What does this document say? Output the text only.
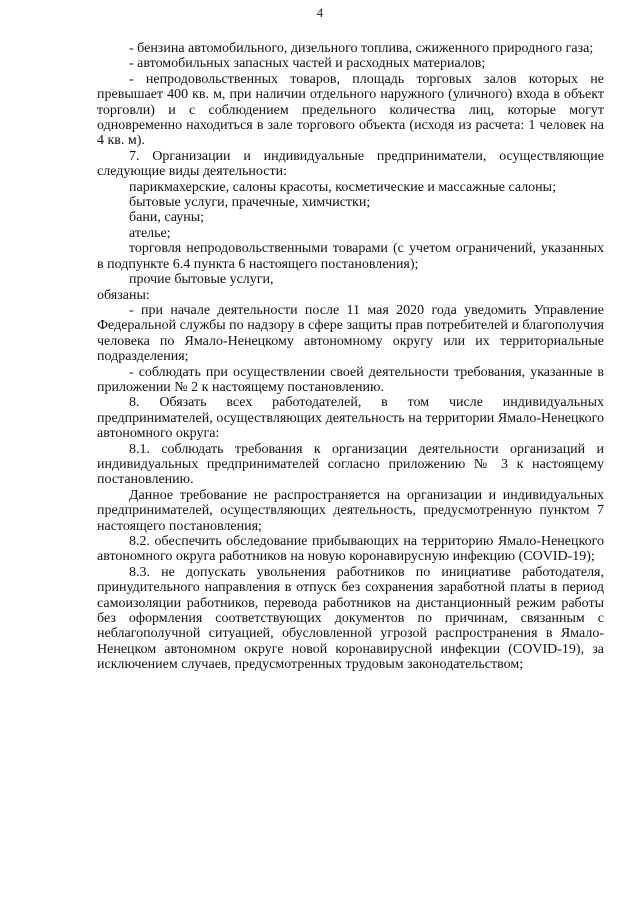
4

- бензина автомобильного, дизельного топлива, сжиженного природного газа;

- автомобильных запасных частей и расходных материалов;

- непродовольственных товаров, площадь торговых залов которых не превышает 400 кв. м, при наличии отдельного наружного (уличного) входа в объект торговли) и с соблюдением предельного количества лиц, которые могут одновременно находиться в зале торгового объекта (исходя из расчета: 1 человек на 4 кв. м).

7. Организации и индивидуальные предприниматели, осуществляющие следующие виды деятельности:

парикмахерские, салоны красоты, косметические и массажные салоны;

бытовые услуги, прачечные, химчистки;

бани, сауны;

ателье;

торговля непродовольственными товарами (с учетом ограничений, указанных в подпункте 6.4 пункта 6 настоящего постановления);

прочие бытовые услуги,

обязаны:

- при начале деятельности после 11 мая 2020 года уведомить Управление Федеральной службы по надзору в сфере защиты прав потребителей и благополучия человека по Ямало-Ненецкому автономному округу или их территориальные подразделения;

- соблюдать при осуществлении своей деятельности требования, указанные в приложении № 2 к настоящему постановлению.

8. Обязать всех работодателей, в том числе индивидуальных предпринимателей, осуществляющих деятельность на территории Ямало-Ненецкого автономного округа:

8.1. соблюдать требования к организации деятельности организаций и индивидуальных предпринимателей согласно приложению № 3 к настоящему постановлению.

Данное требование не распространяется на организации и индивидуальных предпринимателей, осуществляющих деятельность, предусмотренную пунктом 7 настоящего постановления;

8.2. обеспечить обследование прибывающих на территорию Ямало-Ненецкого автономного округа работников на новую коронавирусную инфекцию (COVID-19);

8.3. не допускать увольнения работников по инициативе работодателя, принудительного направления в отпуск без сохранения заработной платы в период самоизоляции работников, перевода работников на дистанционный режим работы без оформления соответствующих документов по причинам, связанным с неблагополучной ситуацией, обусловленной угрозой распространения в Ямало-Ненецком автономном округе новой коронавирусной инфекции (COVID-19), за исключением случаев, предусмотренных трудовым законодательством;
